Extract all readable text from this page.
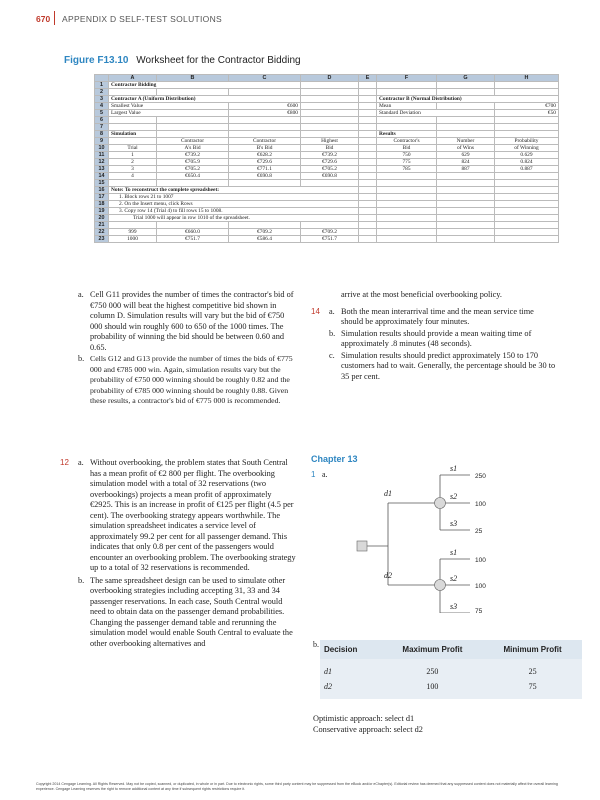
670 APPENDIX D SELF-TEST SOLUTIONS
Figure F13.10 Worksheet for the Contractor Bidding
	A	B	C	D	E	F	G	H
1	Contractor Bidding							
2								
3	Contractor A (Uniform Distribution)					Contractor B (Normal Distribution)		
4	Smallest Value		€600			Mean		€700
5	Largest Value		€800			Standard Deviation		€50
6								
7								
8	Simulation					Results		
9		Contractor	Contractor	Highest		Contractor's	Number	Probability
10	Trial	A's Bid	B's Bid	Bid		Bid	of Wins	of Winning
11	1	€739.2	€628.2	€739.2		750	629	0.629
12	2	€705.9	€729.6	€729.6		775	824	0.824
13	3	€705.2	€771.1	€705.2		785	887	0.887
14	4	€650.4	€690.8	€690.8				
15								
16	Note: To reconstruct the complete spreadsheet:							
17	1. Block rows 21 to 1007							
18	2. On the Insert menu, click Rows							
19	3. Copy row 14 (Trial 4) to fill rows 15 to 1008.							
20	Trial 1000 will appear in row 1010 of the spreadsheet.							
21								
22	999	€660.0	€709.2	€709.2				
23	1000	€751.7	€586.4	€751.7				
a. Cell G11 provides the number of times the contractor's bid of €750 000 will beat the highest competitive bid shown in column D. Simulation results will vary but the bid of €750 000 should win roughly 600 to 650 of the 1000 times. The probability of winning the bid should be between 0.60 and 0.65.
b. Cells G12 and G13 provide the number of times the bids of €775 000 and €785 000 win. Again, simulation results vary but the probability of €750 000 winning should be roughly 0.82 and the probability of €785 000 winning should be roughly 0.88. Given these results, a contractor's bid of €775 000 is recommended.
12 a. Without overbooking, the problem states that South Central has a mean profit of €2 800 per flight. The overbooking simulation model with a total of 32 reservations (two overbookings) projects a mean profit of approximately €2925. This is an increase in profit of €125 per flight (4.5 per cent). The overbooking strategy appears worthwhile. The simulation spreadsheet indicates a service level of approximately 99.2 per cent for all passenger demand. This indicates that only 0.8 per cent of the passengers would encounter an overbooking problem. The overbooking strategy up to a total of 32 reservations is recommended.
b. The same spreadsheet design can be used to simulate other overbooking strategies including accepting 31, 33 and 34 passenger reservations. In each case, South Central would need to obtain data on the passenger demand probabilities. Changing the passenger demand table and rerunning the simulation model would enable South Central to evaluate the other overbooking alternatives and
arrive at the most beneficial overbooking policy.
14 a. Both the mean interarrival time and the mean service time should be approximately four minutes.
b. Simulation results should provide a mean waiting time of approximately .8 minutes (48 seconds).
c. Simulation results should predict approximately 150 to 170 customers had to wait. Generally, the percentage should be 30 to 35 per cent.
Chapter 13
1 a.
d1
d2
s1
s2
s3
s1
s2
s3
250
100
25
100
100
75
b.
Decision	Maximum Profit	Minimum Profit
d1	250	25
d2	100	75
Optimistic approach: select d1
Conservative approach: select d2
Copyright 2014 Cengage Learning. All Rights Reserved. May not be copied, scanned, or duplicated, in whole or in part. Due to electronic rights, some third party content may be suppressed from the eBook and/or eChapter(s). Editorial review has deemed that any suppressed content does not materially affect the overall learning experience. Cengage Learning reserves the right to remove additional content at any time if subsequent rights restrictions require it.
